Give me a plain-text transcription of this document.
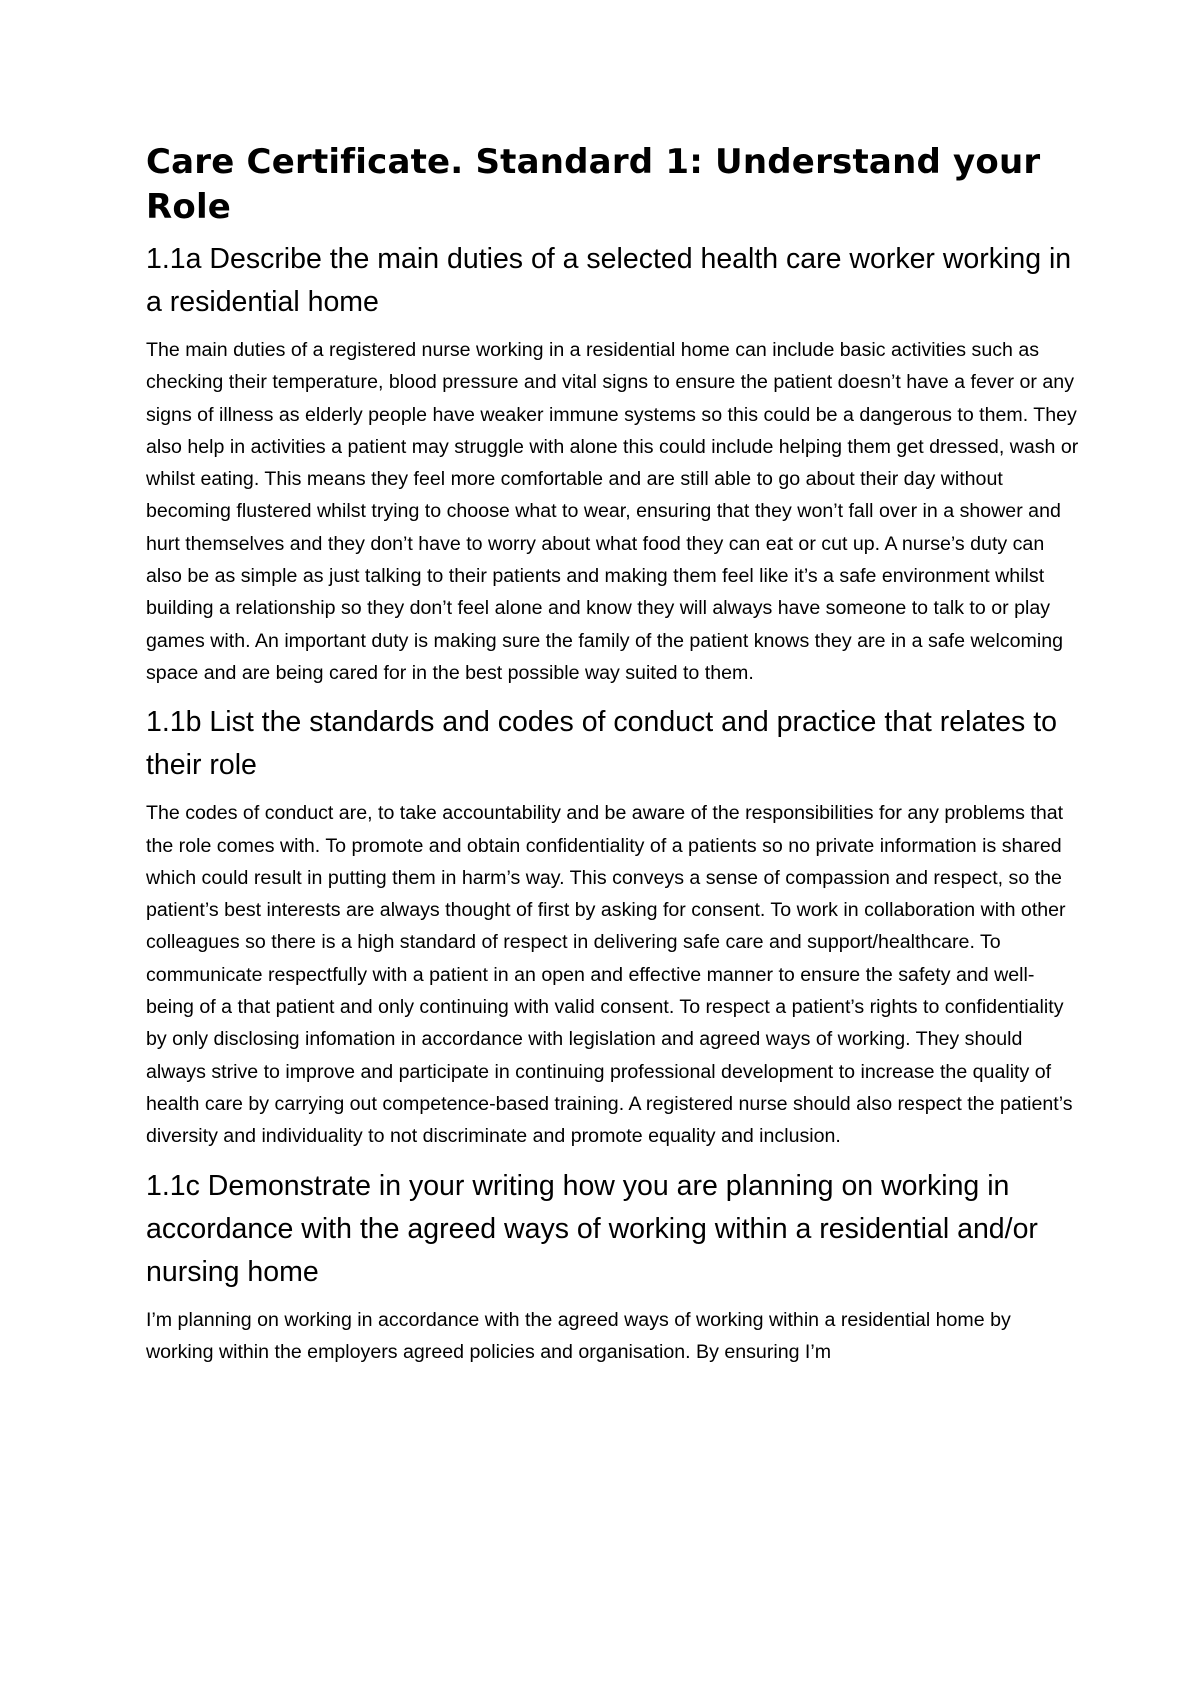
Care Certificate. Standard 1: Understand your Role
1.1a Describe the main duties of a selected health care worker working in a residential home

The main duties of a registered nurse working in a residential home can include basic activities such as checking their temperature, blood pressure and vital signs to ensure the patient doesn’t have a fever or any signs of illness as elderly people have weaker immune systems so this could be a dangerous to them. They also help in activities a patient may struggle with alone this could include helping them get dressed, wash or whilst eating. This means they feel more comfortable and are still able to go about their day without becoming flustered whilst trying to choose what to wear, ensuring that they won’t fall over in a shower and hurt themselves and they don’t have to worry about what food they can eat or cut up. A nurse’s duty can also be as simple as just talking to their patients and making them feel like it’s a safe environment whilst building a relationship so they don’t feel alone and know they will always have someone to talk to or play games with. An important duty is making sure the family of the patient knows they are in a safe welcoming space and are being cared for in the best possible way suited to them.

1.1b List the standards and codes of conduct and practice that relates to their role

The codes of conduct are, to take accountability and be aware of the responsibilities for any problems that the role comes with. To promote and obtain confidentiality of a patients so no private information is shared which could result in putting them in harm’s way. This conveys a sense of compassion and respect, so the patient’s best interests are always thought of first by asking for consent. To work in collaboration with other colleagues so there is a high standard of respect in delivering safe care and support/healthcare. To communicate respectfully with a patient in an open and effective manner to ensure the safety and well-being of a that patient and only continuing with valid consent. To respect a patient’s rights to confidentiality by only disclosing infomation in accordance with legislation and agreed ways of working. They should always strive to improve and participate in continuing professional development to increase the quality of health care by carrying out competence-based training. A registered nurse should also respect the patient’s diversity and individuality to not discriminate and promote equality and inclusion.

1.1c Demonstrate in your writing how you are planning on working in accordance with the agreed ways of working within a residential and/or nursing home

I’m planning on working in accordance with the agreed ways of working within a residential home by working within the employers agreed policies and organisation. By ensuring I’m
